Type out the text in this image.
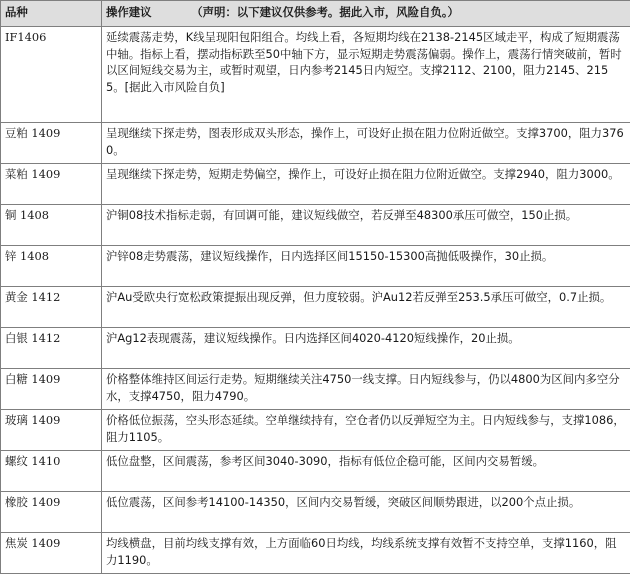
品种	操作建议 （声明：以下建议仅供参考。据此入市，风险自负。）
IF1406	延续震荡走势，K线呈现阳包阳组合。均线上看，各短期均线在2138-2145区域走平，构成了短期震荡中轴。指标上看，摆动指标跌至50中轴下方，显示短期走势震荡偏弱。操作上，震荡行情突破前，暂时以区间短线交易为主，或暂时观望，日内参考2145日内短空。支撑2112、2100，阻力2145、2155。[据此入市风险自负]
豆粕 1409	呈现继续下探走势，图表形成双头形态，操作上，可设好止损在阻力位附近做空。支撑3700，阻力3760。
菜粕 1409	呈现继续下探走势，短期走势偏空，操作上，可设好止损在阻力位附近做空。支撑2940，阻力3000。
铜 1408	沪铜08技术指标走弱，有回调可能，建议短线做空，若反弹至48300承压可做空，150止损。
锌 1408	沪锌08走势震荡，建议短线操作，日内选择区间15150-15300高抛低吸操作，30止损。
黄金 1412	沪Au受欧央行宽松政策提振出现反弹，但力度较弱。沪Au12若反弹至253.5承压可做空，0.7止损。
白银 1412	沪Ag12表现震荡，建议短线操作。日内选择区间4020-4120短线操作，20止损。
白糖 1409	价格整体维持区间运行走势。短期继续关注4750一线支撑。日内短线参与，仍以4800为区间内多空分水，支撑4750，阻力4790。
玻璃 1409	价格低位振荡，空头形态延续。空单继续持有，空仓者仍以反弹短空为主。日内短线参与，支撑1086，阻力1105。
螺纹 1410	低位盘整，区间震荡，参考区间3040-3090，指标有低位企稳可能，区间内交易暂缓。
橡胶 1409	低位震荡，区间参考14100-14350，区间内交易暂缓，突破区间顺势跟进，以200个点止损。
焦炭 1409	均线横盘，目前均线支撑有效，上方面临60日均线，均线系统支撑有效暂不支持空单，支撑1160，阻力1190。
